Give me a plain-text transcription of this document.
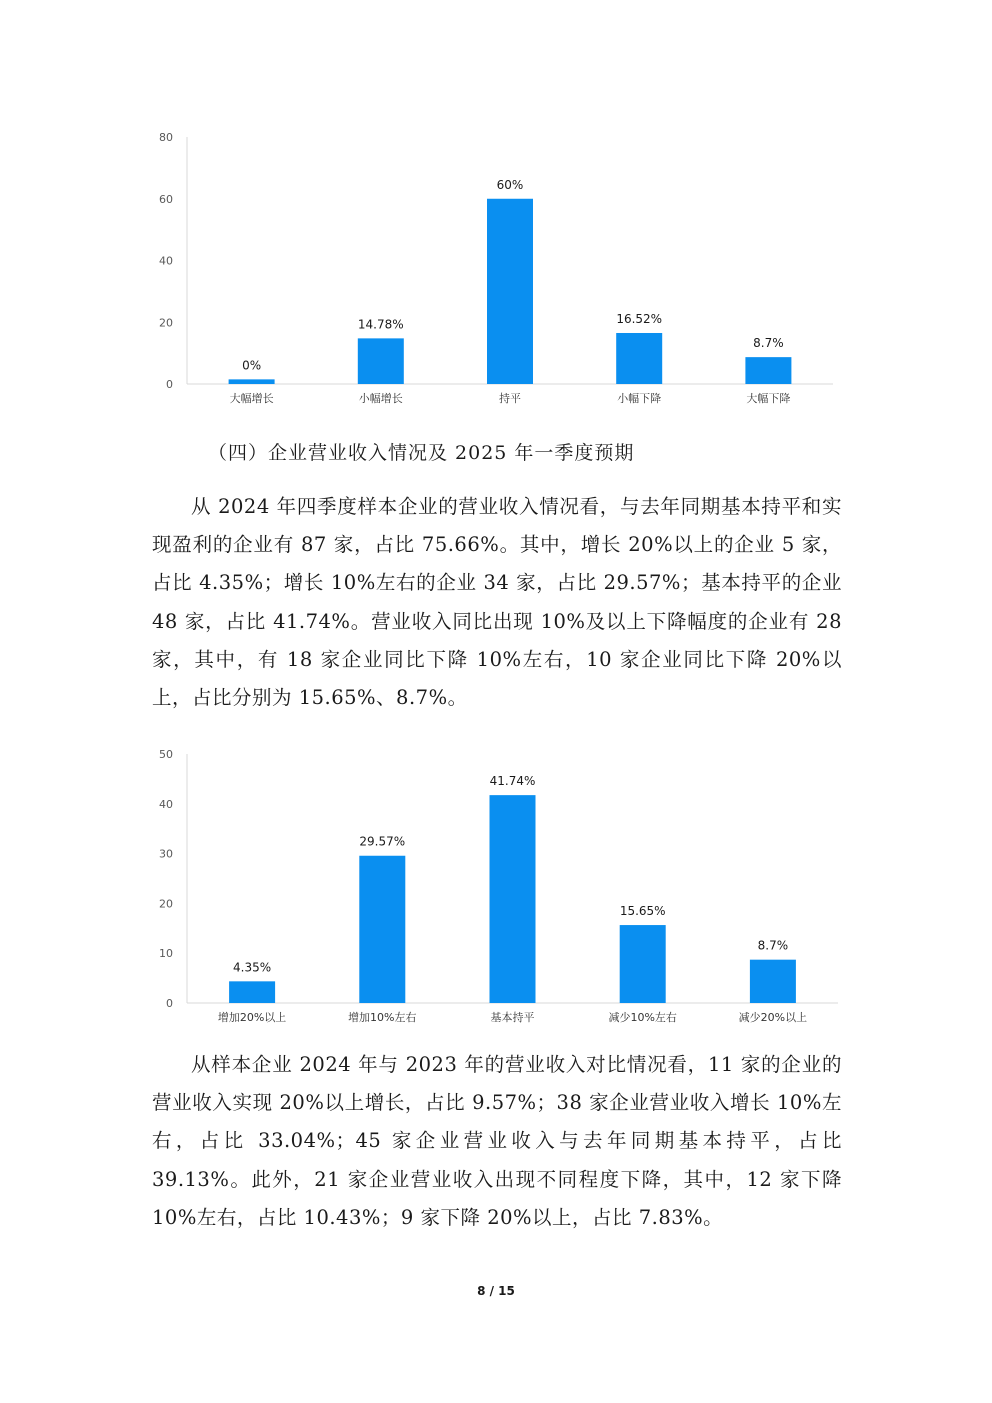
0
20
40
60
80
0%
大幅增长
14.78%
小幅增长
60%
持平
16.52%
小幅下降
8.7%
大幅下降
（四）企业营业收入情况及 2025 年一季度预期

从 2024 年四季度样本企业的营业收入情况看，与去年同期基本持平和实现盈利的企业有 87 家，占比 75.66%。其中，增长 20%以上的企业 5 家，占比 4.35%；增长 10%左右的企业 34 家，占比 29.57%；基本持平的企业 48 家，占比 41.74%。营业收入同比出现 10%及以上下降幅度的企业有 28 家，其中，有 18 家企业同比下降 10%左右，10 家企业同比下降 20%以上，占比分别为 15.65%、8.7%。

0
10
20
30
40
50
4.35%
增加20%以上
29.57%
增加10%左右
41.74%
基本持平
15.65%
减少10%左右
8.7%
减少20%以上

从样本企业 2024 年与 2023 年的营业收入对比情况看，11 家的企业的营业收入实现 20%以上增长，占比 9.57%；38 家企业营业收入增长 10%左右，占比 33.04%；45 家企业营业收入与去年同期基本持平，占比 39.13%。此外，21 家企业营业收入出现不同程度下降，其中，12 家下降 10%左右，占比 10.43%；9 家下降 20%以上，占比 7.83%。

8 / 15
